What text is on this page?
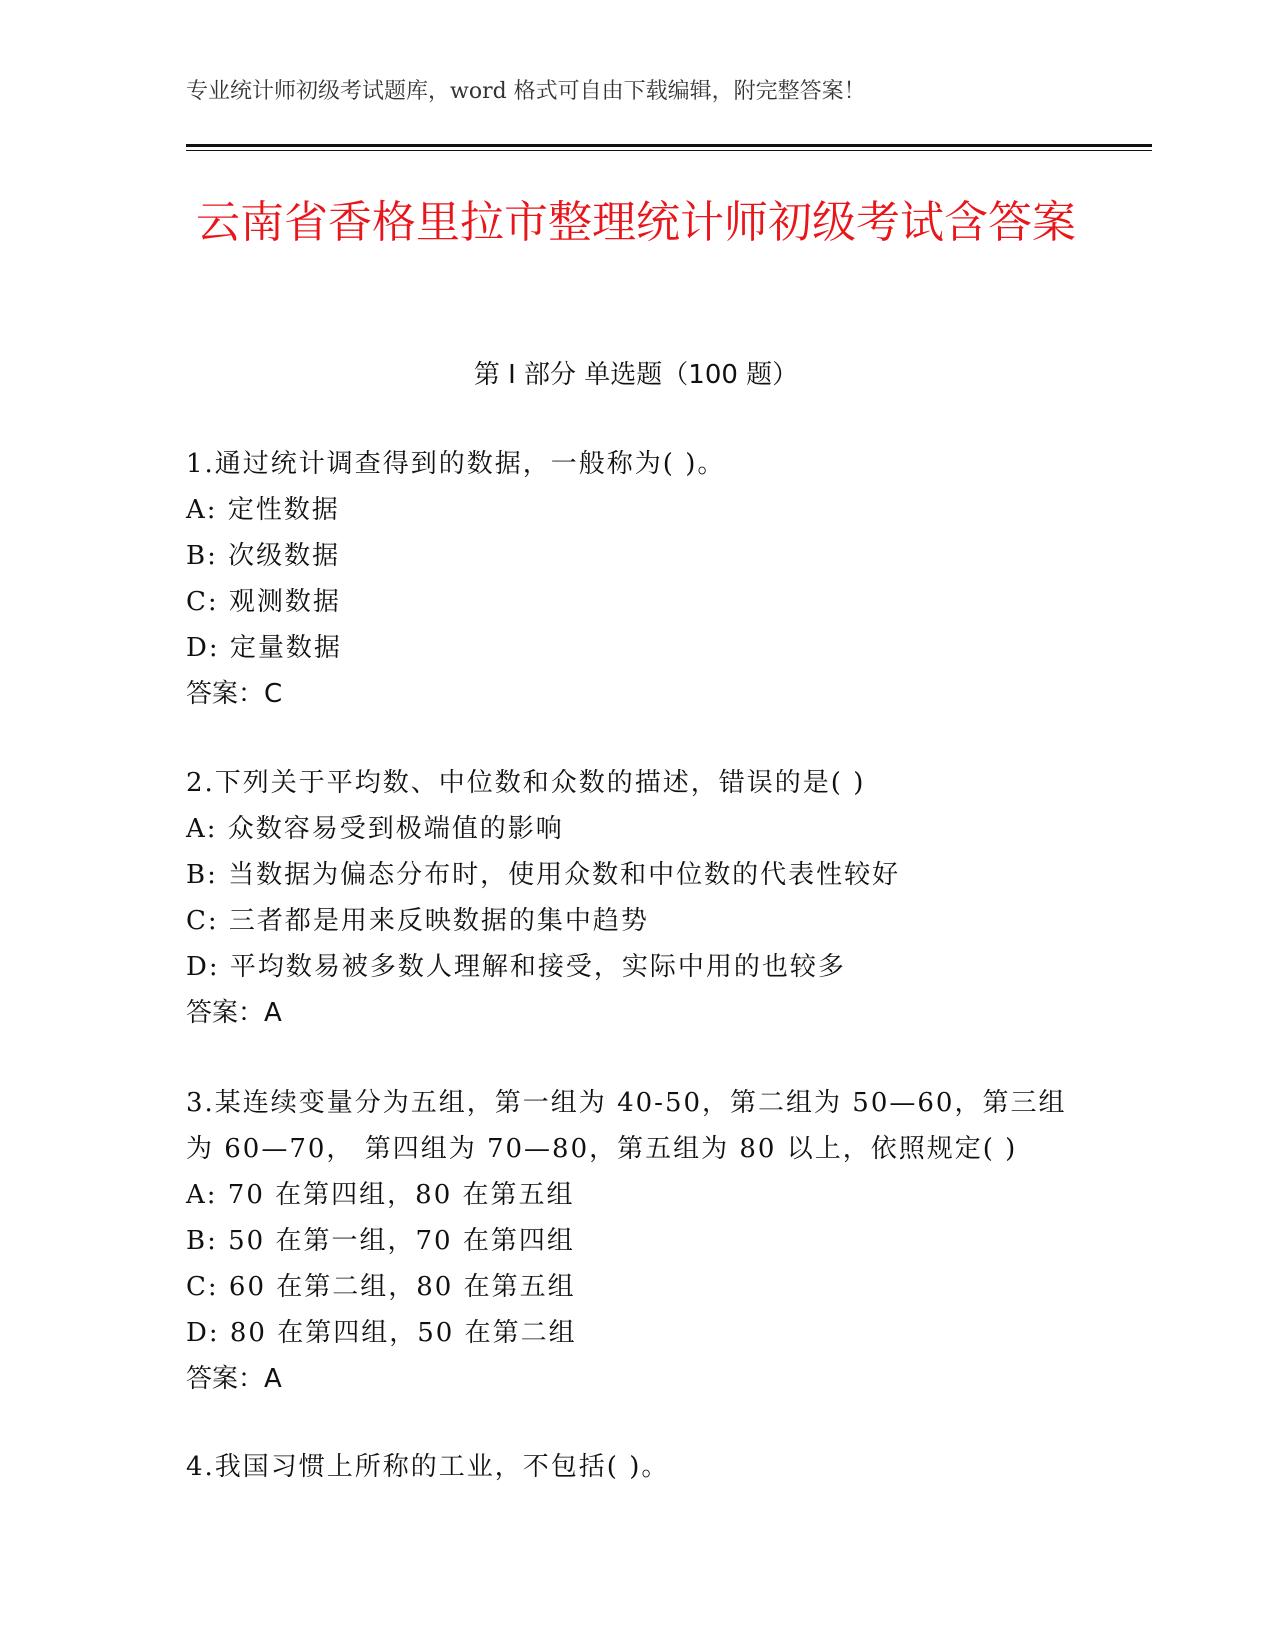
专业统计师初级考试题库，word 格式可自由下载编辑，附完整答案！
云南省香格里拉市整理统计师初级考试含答案
第 I 部分 单选题（100 题）
1.通过统计调查得到的数据，一般称为( )。
A: 定性数据
B: 次级数据
C: 观测数据
D: 定量数据
答案：C
2.下列关于平均数、中位数和众数的描述，错误的是( )
A: 众数容易受到极端值的影响
B: 当数据为偏态分布时，使用众数和中位数的代表性较好
C: 三者都是用来反映数据的集中趋势
D: 平均数易被多数人理解和接受，实际中用的也较多
答案：A
3.某连续变量分为五组，第一组为 40-50，第二组为 50—60，第三组为 60—70， 第四组为 70—80，第五组为 80 以上，依照规定( )
A: 70 在第四组，80 在第五组
B: 50 在第一组，70 在第四组
C: 60 在第二组，80 在第五组
D: 80 在第四组，50 在第二组
答案：A
4.我国习惯上所称的工业，不包括( )。
